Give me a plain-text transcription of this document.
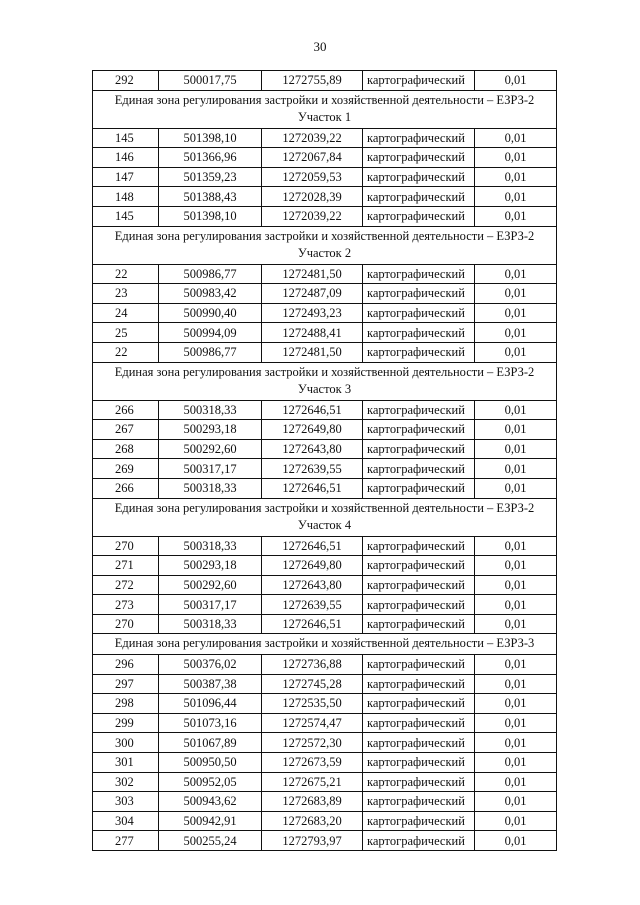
30
292	500017,75	1272755,89	картографический	0,01

Единая зона регулирования застройки и хозяйственной деятельности – ЕЗРЗ-2
Участок 1				

145	501398,10	1272039,22	картографический	0,01
146	501366,96	1272067,84	картографический	0,01
147	501359,23	1272059,53	картографический	0,01
148	501388,43	1272028,39	картографический	0,01
145	501398,10	1272039,22	картографический	0,01

Единая зона регулирования застройки и хозяйственной деятельности – ЕЗРЗ-2
Участок 2				

22	500986,77	1272481,50	картографический	0,01
23	500983,42	1272487,09	картографический	0,01
24	500990,40	1272493,23	картографический	0,01
25	500994,09	1272488,41	картографический	0,01
22	500986,77	1272481,50	картографический	0,01

Единая зона регулирования застройки и хозяйственной деятельности – ЕЗРЗ-2
Участок 3				

266	500318,33	1272646,51	картографический	0,01
267	500293,18	1272649,80	картографический	0,01
268	500292,60	1272643,80	картографический	0,01
269	500317,17	1272639,55	картографический	0,01
266	500318,33	1272646,51	картографический	0,01

Единая зона регулирования застройки и хозяйственной деятельности – ЕЗРЗ-2
Участок 4				

270	500318,33	1272646,51	картографический	0,01
271	500293,18	1272649,80	картографический	0,01
272	500292,60	1272643,80	картографический	0,01
273	500317,17	1272639,55	картографический	0,01
270	500318,33	1272646,51	картографический	0,01

Единая зона регулирования застройки и хозяйственной деятельности – ЕЗРЗ-3				

296	500376,02	1272736,88	картографический	0,01
297	500387,38	1272745,28	картографический	0,01
298	501096,44	1272535,50	картографический	0,01
299	501073,16	1272574,47	картографический	0,01
300	501067,89	1272572,30	картографический	0,01
301	500950,50	1272673,59	картографический	0,01
302	500952,05	1272675,21	картографический	0,01
303	500943,62	1272683,89	картографический	0,01
304	500942,91	1272683,20	картографический	0,01
277	500255,24	1272793,97	картографический	0,01
